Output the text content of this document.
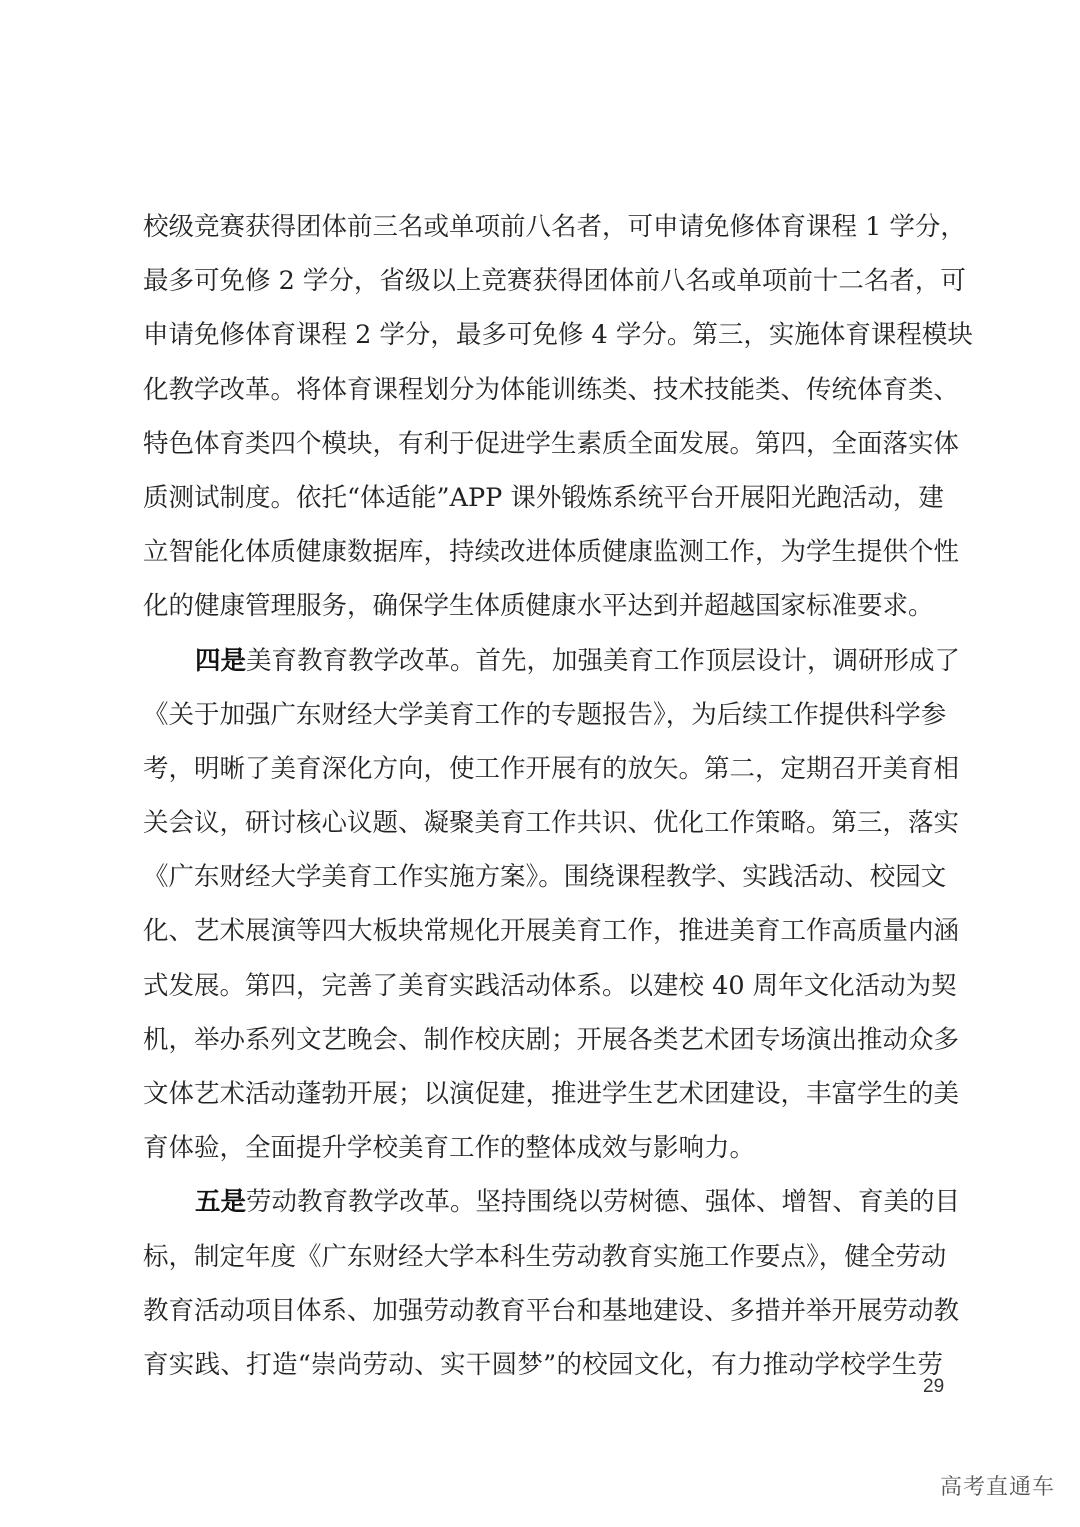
校级竞赛获得团体前三名或单项前八名者，可申请免修体育课程 1 学分，
最多可免修 2 学分，省级以上竞赛获得团体前八名或单项前十二名者，可
申请免修体育课程 2 学分，最多可免修 4 学分。第三，实施体育课程模块
化教学改革。将体育课程划分为体能训练类、技术技能类、传统体育类、
特色体育类四个模块，有利于促进学生素质全面发展。第四，全面落实体
质测试制度。依托“体适能”APP 课外锻炼系统平台开展阳光跑活动，建
立智能化体质健康数据库，持续改进体质健康监测工作，为学生提供个性
化的健康管理服务，确保学生体质健康水平达到并超越国家标准要求。
四是美育教育教学改革。首先，加强美育工作顶层设计，调研形成了
《关于加强广东财经大学美育工作的专题报告》，为后续工作提供科学参
考，明晰了美育深化方向，使工作开展有的放矢。第二，定期召开美育相
关会议，研讨核心议题、凝聚美育工作共识、优化工作策略。第三，落实
《广东财经大学美育工作实施方案》。围绕课程教学、实践活动、校园文
化、艺术展演等四大板块常规化开展美育工作，推进美育工作高质量内涵
式发展。第四，完善了美育实践活动体系。以建校 40 周年文化活动为契
机，举办系列文艺晚会、制作校庆剧；开展各类艺术团专场演出推动众多
文体艺术活动蓬勃开展；以演促建，推进学生艺术团建设，丰富学生的美
育体验，全面提升学校美育工作的整体成效与影响力。
五是劳动教育教学改革。坚持围绕以劳树德、强体、增智、育美的目
标，制定年度《广东财经大学本科生劳动教育实施工作要点》，健全劳动
教育活动项目体系、加强劳动教育平台和基地建设、多措并举开展劳动教
育实践、打造“崇尚劳动、实干圆梦”的校园文化，有力推动学校学生劳
29
高考直通车
